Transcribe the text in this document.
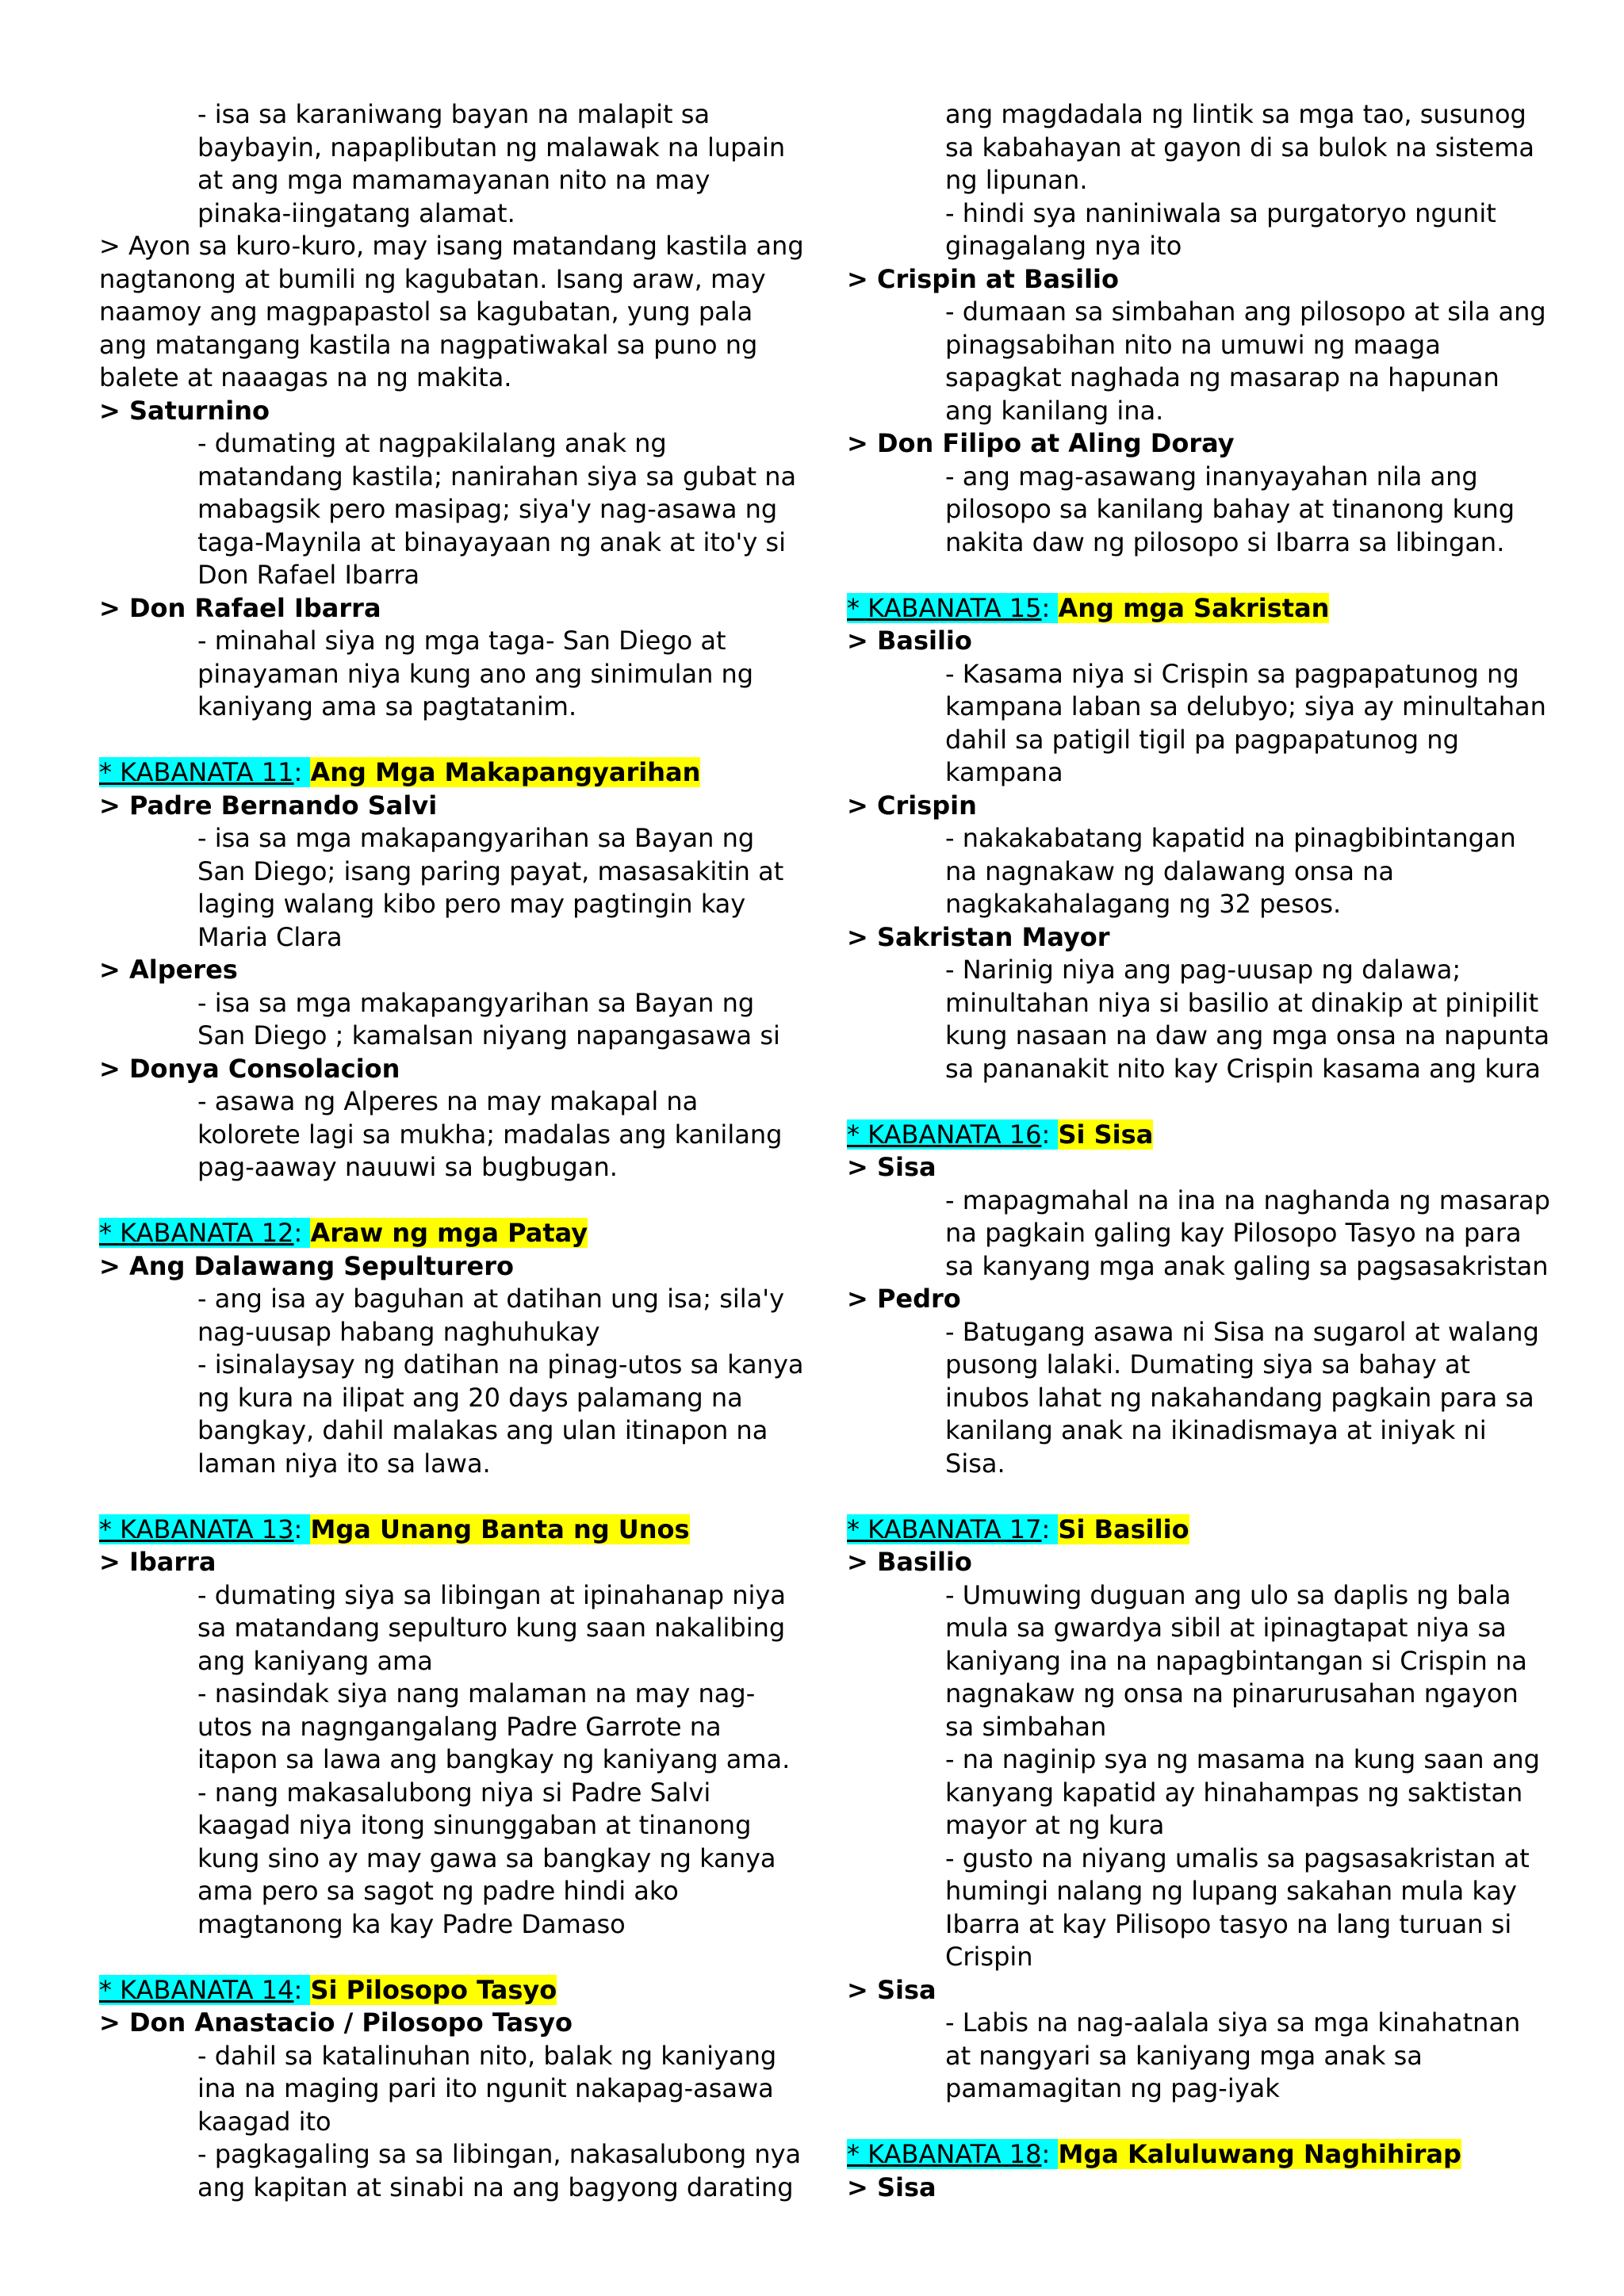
- isa sa karaniwang bayan na malapit sa baybayin, napaplibutan ng malawak na lupain at ang mga mamamayanan nito na may pinaka-iingatang alamat.

> Ayon sa kuro-kuro, may isang matandang kastila ang nagtanong at bumili ng kagubatan. Isang araw, may naamoy ang magpapastol sa kagubatan, yung pala ang matangang kastila na nagpatiwakal sa puno ng balete at naaagas na ng makita.

> Saturnino

- dumating at nagpakilalang anak ng matandang kastila; nanirahan siya sa gubat na mabagsik pero masipag; siya'y nag-asawa ng taga-Maynila at binayayaan ng anak at ito'y si Don Rafael Ibarra

> Don Rafael Ibarra

- minahal siya ng mga taga- San Diego at pinayaman niya kung ano ang sinimulan ng kaniyang ama sa pagtatanim.

* KABANATA 11: Ang Mga Makapangyarihan

> Padre Bernando Salvi

- isa sa mga makapangyarihan sa Bayan ng San Diego; isang paring payat, masasakitin at laging walang kibo pero may pagtingin kay Maria Clara

> Alperes

- isa sa mga makapangyarihan sa Bayan ng San Diego ; kamalsan niyang napangasawa si

> Donya Consolacion

- asawa ng Alperes na may makapal na kolorete lagi sa mukha; madalas ang kanilang pag-aaway nauuwi sa bugbugan.

* KABANATA 12: Araw ng mga Patay

> Ang Dalawang Sepulturero

- ang isa ay baguhan at datihan ung isa; sila'y nag-uusap habang naghuhukay

- isinalaysay ng datihan na pinag-utos sa kanya ng kura na ilipat ang 20 days palamang na bangkay, dahil malakas ang ulan itinapon na laman niya ito sa lawa.

* KABANATA 13: Mga Unang Banta ng Unos

> Ibarra

- dumating siya sa libingan at ipinahanap niya sa matandang sepulturo kung saan nakalibing ang kaniyang ama

- nasindak siya nang malaman na may nag-utos na nagngangalang Padre Garrote na itapon sa lawa ang bangkay ng kaniyang ama.

- nang makasalubong niya si Padre Salvi kaagad niya itong sinunggaban at tinanong kung sino ay may gawa sa bangkay ng kanya ama pero sa sagot ng padre hindi ako magtanong ka kay Padre Damaso

* KABANATA 14: Si Pilosopo Tasyo

> Don Anastacio / Pilosopo Tasyo

- dahil sa katalinuhan nito, balak ng kaniyang ina na maging pari ito ngunit nakapag-asawa kaagad ito

- pagkagaling sa sa libingan, nakasalubong nya ang kapitan at sinabi na ang bagyong darating

ang magdadala ng lintik sa mga tao, susunog sa kabahayan at gayon di sa bulok na sistema ng lipunan.

- hindi sya naniniwala sa purgatoryo ngunit ginagalang nya ito

> Crispin at Basilio

- dumaan sa simbahan ang pilosopo at sila ang pinagsabihan nito na umuwi ng maaga sapagkat naghada ng masarap na hapunan ang kanilang ina.

> Don Filipo at Aling Doray

- ang mag-asawang inanyayahan nila ang pilosopo sa kanilang bahay at tinanong kung nakita daw ng pilosopo si Ibarra sa libingan.

* KABANATA 15: Ang mga Sakristan

> Basilio

- Kasama niya si Crispin sa pagpapatunog ng kampana laban sa delubyo; siya ay minultahan dahil sa patigil tigil pa pagpapatunog ng kampana

> Crispin

- nakakabatang kapatid na pinagbibintangan na nagnakaw ng dalawang onsa na nagkakahalagang ng 32 pesos.

> Sakristan Mayor

- Narinig niya ang pag-uusap ng dalawa; minultahan niya si basilio at dinakip at pinipilit kung nasaan na daw ang mga onsa na napunta sa pananakit nito kay Crispin kasama ang kura

* KABANATA 16: Si Sisa

> Sisa

- mapagmahal na ina na naghanda ng masarap na pagkain galing kay Pilosopo Tasyo na para sa kanyang mga anak galing sa pagsasakristan

> Pedro

- Batugang asawa ni Sisa na sugarol at walang pusong lalaki. Dumating siya sa bahay at inubos lahat ng nakahandang pagkain para sa kanilang anak na ikinadismaya at iniyak ni Sisa.

* KABANATA 17: Si Basilio

> Basilio

- Umuwing duguan ang ulo sa daplis ng bala mula sa gwardya sibil at ipinagtapat niya sa kaniyang ina na napagbintangan si Crispin na nagnakaw ng onsa na pinarurusahan ngayon sa simbahan

- na naginip sya ng masama na kung saan ang kanyang kapatid ay hinahampas ng saktistan mayor at ng kura

- gusto na niyang umalis sa pagsasakristan at humingi nalang ng lupang sakahan mula kay Ibarra at kay Pilisopo tasyo na lang turuan si Crispin

> Sisa

- Labis na nag-aalala siya sa mga kinahatnan at nangyari sa kaniyang mga anak sa pamamagitan ng pag-iyak

* KABANATA 18: Mga Kaluluwang Naghihirap

> Sisa
